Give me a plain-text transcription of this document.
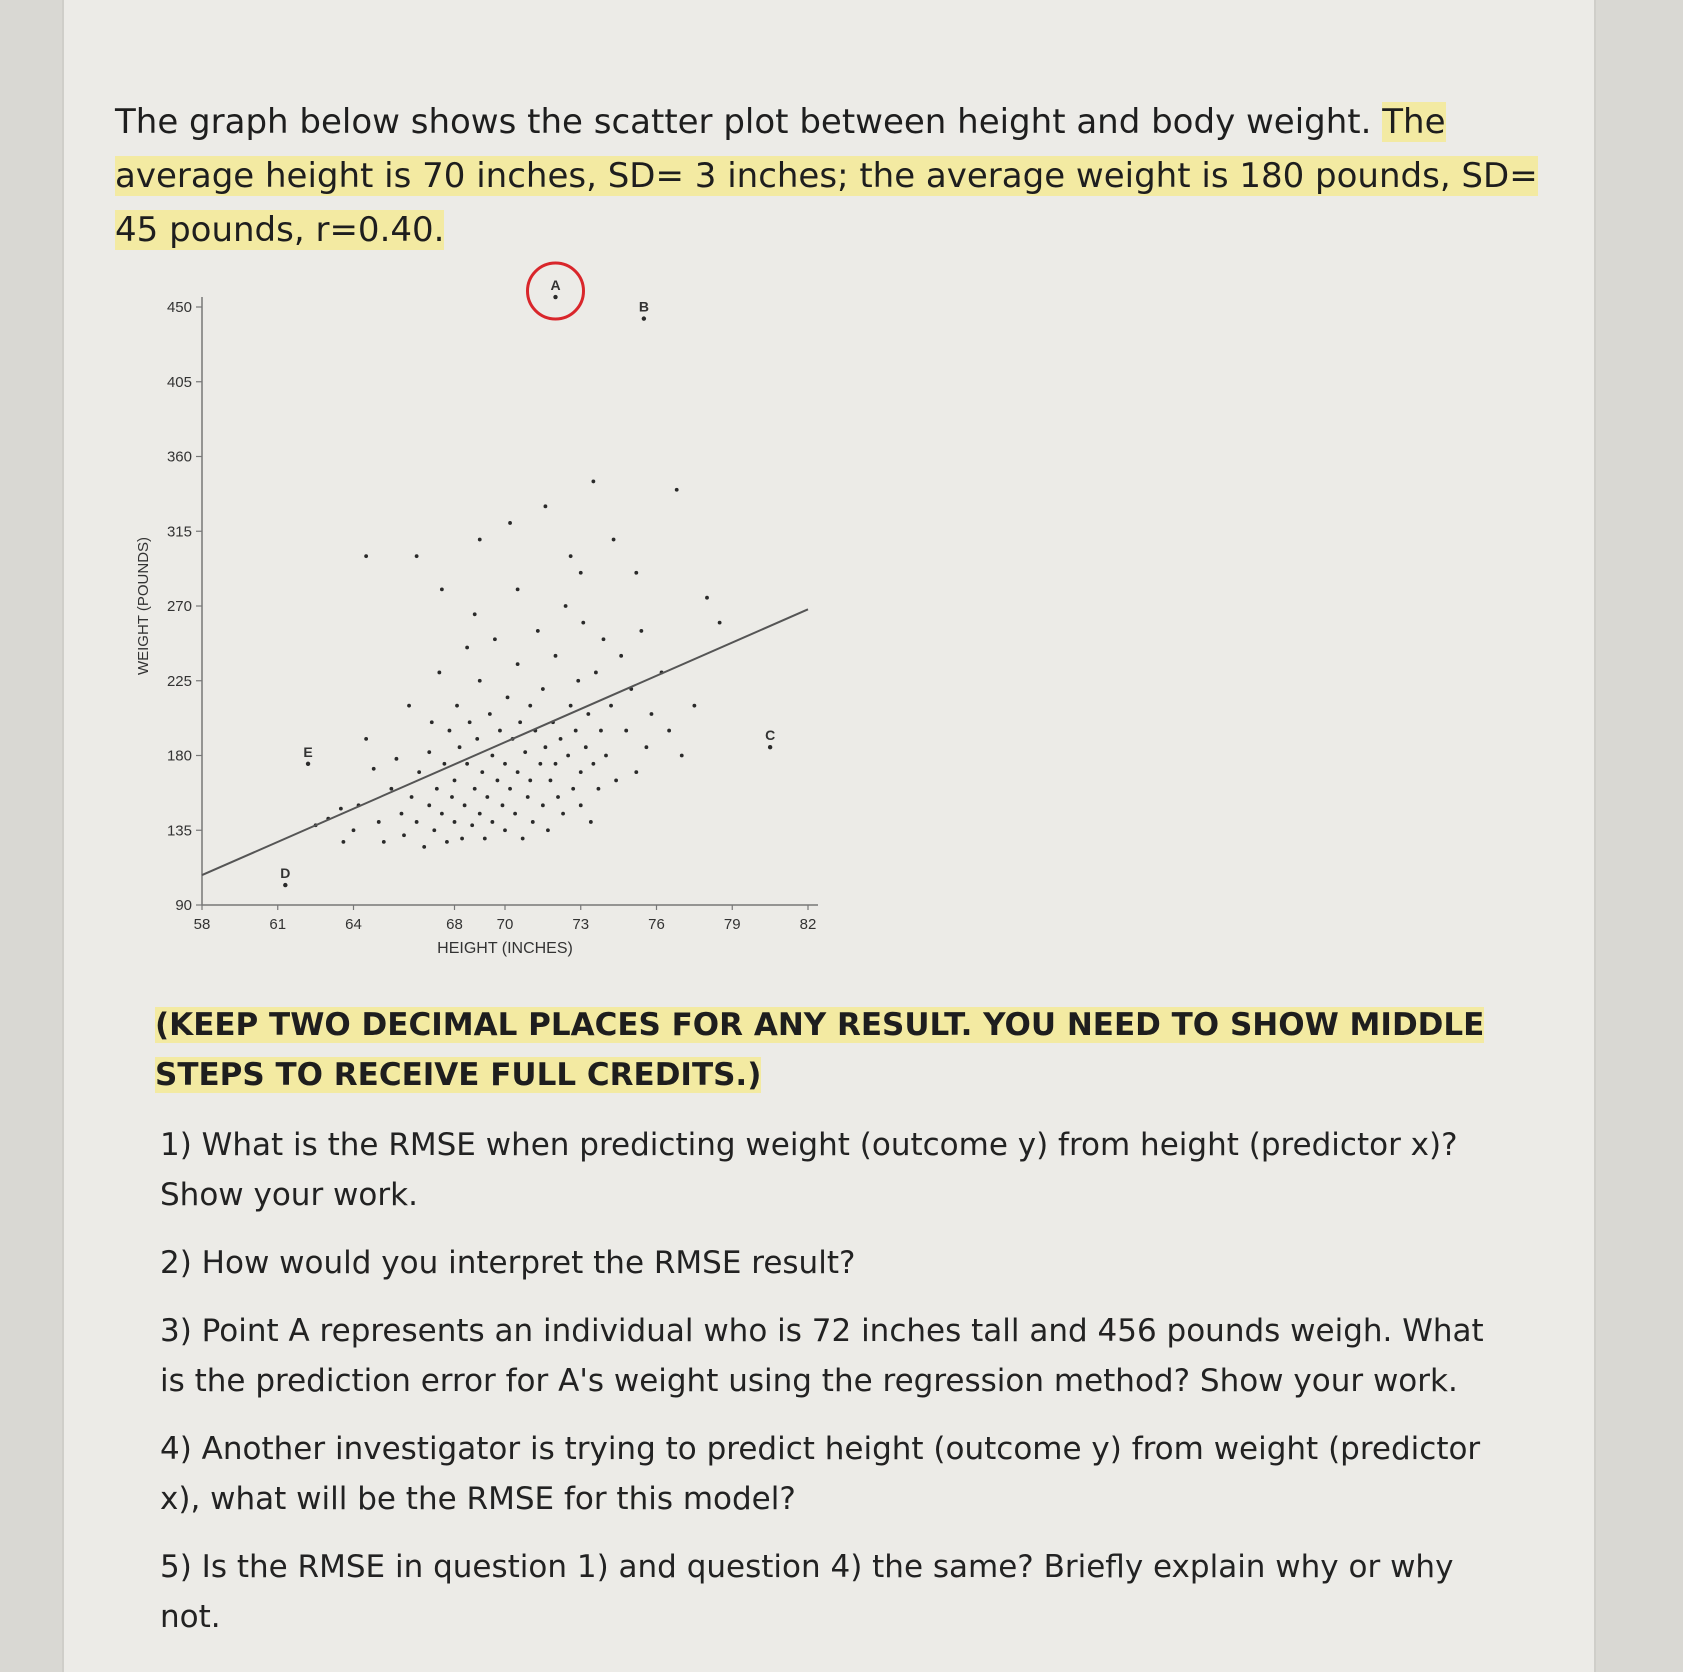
The graph below shows the scatter plot between height and body weight. The average height is 70 inches, SD= 3 inches; the average weight is 180 pounds, SD= 45 pounds, r=0.40.
90
135
180
225
270
315
360
405
450
58	61	64	68 70	73	76	79	82
HEIGHT (INCHES)
WEIGHT (POUNDS)
A
B
C
D
E
(KEEP TWO DECIMAL PLACES FOR ANY RESULT. YOU NEED TO SHOW MIDDLE STEPS TO RECEIVE FULL CREDITS.)
1) What is the RMSE when predicting weight (outcome y) from height (predictor x)? Show your work.
2) How would you interpret the RMSE result?
3) Point A represents an individual who is 72 inches tall and 456 pounds weigh. What is the prediction error for A's weight using the regression method? Show your work.
4) Another investigator is trying to predict height (outcome y) from weight (predictor x), what will be the RMSE for this model?
5) Is the RMSE in question 1) and question 4) the same? Briefly explain why or why not.
